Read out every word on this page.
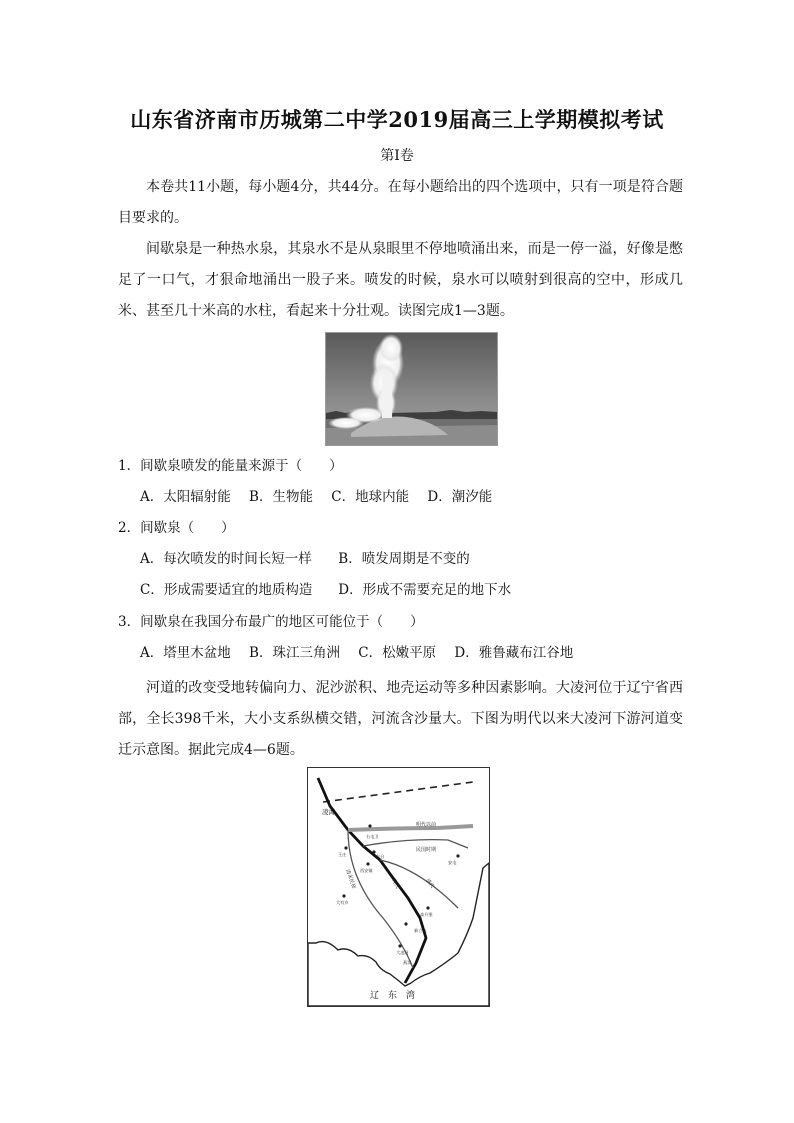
山东省济南市历城第二中学2019届高三上学期模拟考试
第Ⅰ卷
本卷共11小题，每小题4分，共44分。在每小题给出的四个选项中，只有一项是符合题目要求的。
间歇泉是一种热水泉，其泉水不是从泉眼里不停地喷涌出来，而是一停一溢，好像是憋足了一口气，才狠命地涌出一股子来。喷发的时候，泉水可以喷射到很高的空中，形成几米、甚至几十米高的水柱，看起来十分壮观。读图完成1—3题。
1．间歇泉喷发的能量来源于（　　）
A．太阳辐射能 B．生物能 C．地球内能 D．潮汐能
2．间歇泉（　　）
A．每次喷发的时间长短一样 B．喷发周期是不变的
C．形成需要适宜的地质构造 D．形成不需要充足的地下水
3．间歇泉在我国分布最广的地区可能位于（　　）
A．塔里木盆地 B．珠江三角洲 C．松嫩平原 D．雅鲁藏布江谷地
河道的改变受地转偏向力、泥沙淤积、地壳运动等多种因素影响。大凌河位于辽宁省西部，全长398千米，大小支系纵横交错，河流含沙量大。下图为明代以来大凌河下游河道变迁示意图。据此完成4—6题。
右屯卫
王庄	东台
大有乡
西安镇
安屯
高升堡
新立屯
大凌河
燕窝
明代以前
民国时期
清代
现代
清末民初
凌海
辽　东　湾
